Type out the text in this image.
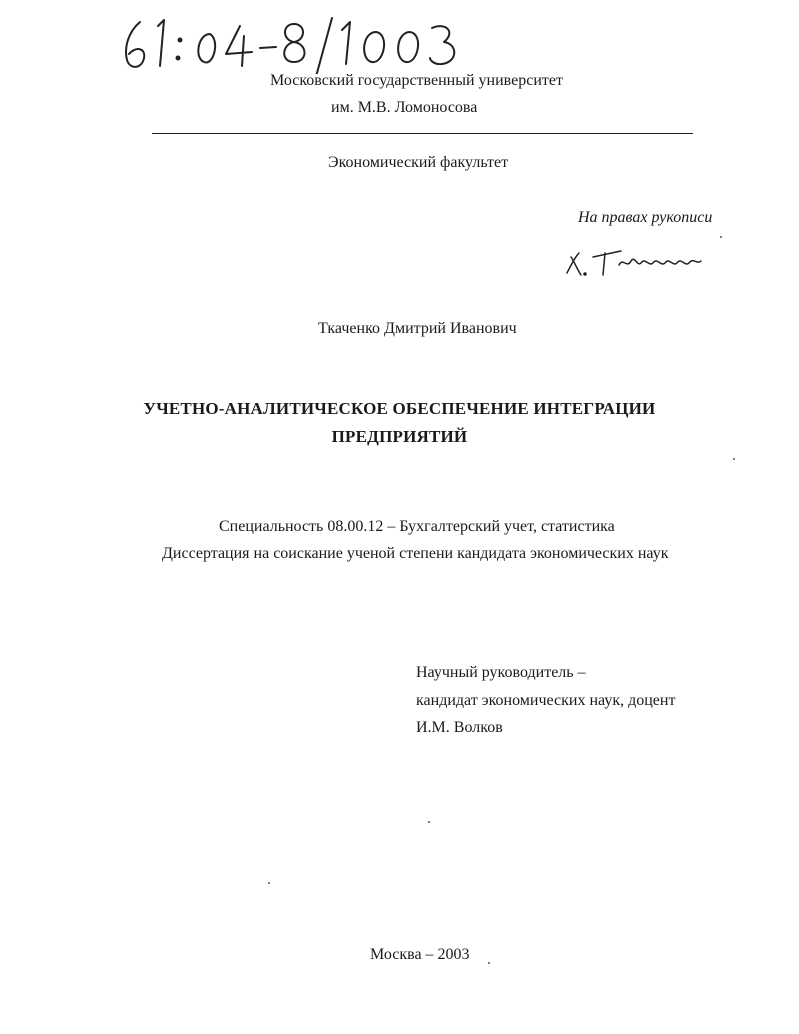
Московский государственный университет
им. М.В. Ломоносова
Экономический факультет
На правах рукописи
Ткаченко Дмитрий Иванович
УЧЕТНО-АНАЛИТИЧЕСКОЕ ОБЕСПЕЧЕНИЕ ИНТЕГРАЦИИ
ПРЕДПРИЯТИЙ
Специальность 08.00.12 – Бухгалтерский учет, статистика
Диссертация на соискание ученой степени кандидата экономических наук
Научный руководитель –
кандидат экономических наук, доцент
И.М. Волков
Москва – 2003
